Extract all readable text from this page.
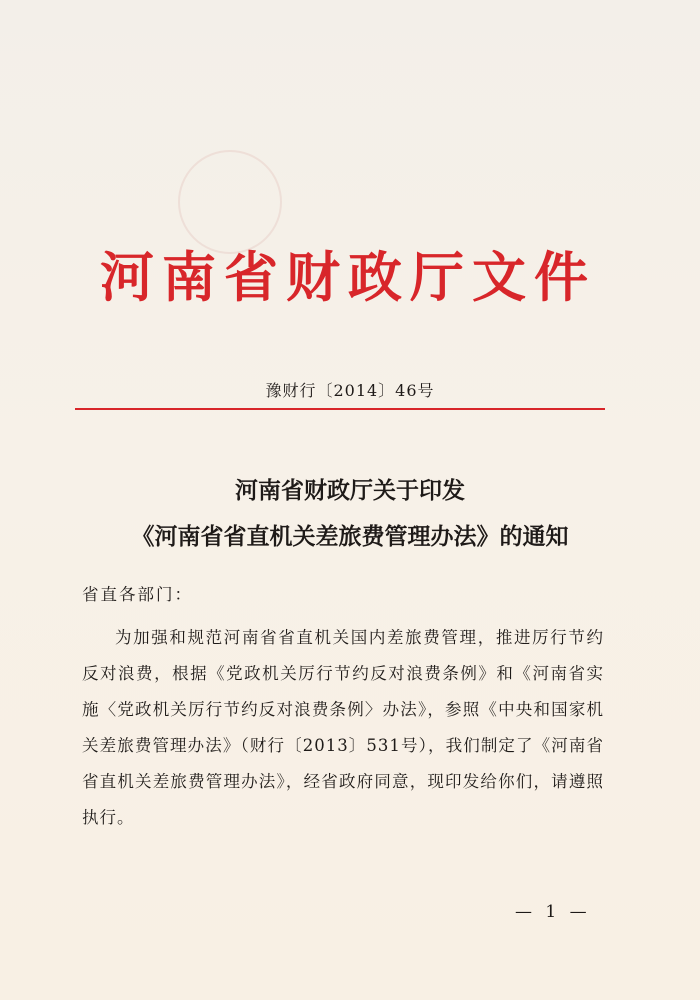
河南省财政厅文件
豫财行〔2014〕46号
河南省财政厅关于印发
《河南省省直机关差旅费管理办法》的通知
省直各部门：
为加强和规范河南省省直机关国内差旅费管理，推进厉行节约反对浪费，根据《党政机关厉行节约反对浪费条例》和《河南省实施〈党政机关厉行节约反对浪费条例〉办法》，参照《中央和国家机关差旅费管理办法》（财行〔2013〕531号），我们制定了《河南省省直机关差旅费管理办法》，经省政府同意，现印发给你们，请遵照执行。
— 1 —
